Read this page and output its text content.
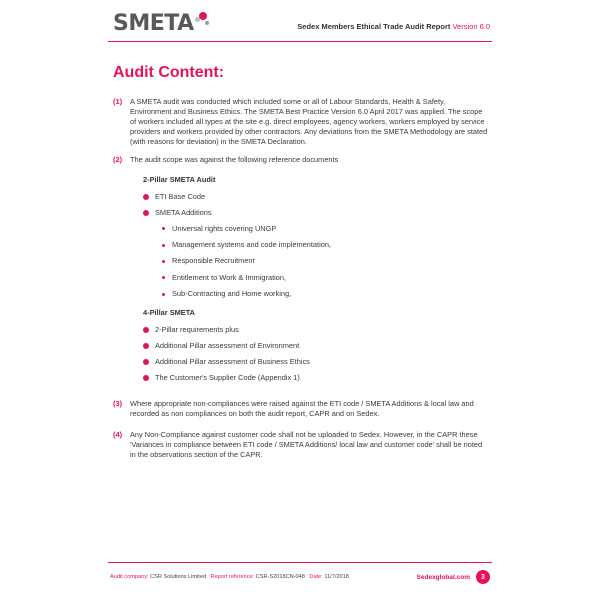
SMETA	Sedex Members Ethical Trade Audit Report Version 6.0
Audit Content:
(1)	A SMETA audit was conducted which included some or all of Labour Standards, Health & Safety, Environment and Business Ethics. The SMETA Best Practice Version 6.0 April 2017 was applied. The scope of workers included all types at the site e.g. direct employees, agency workers, workers employed by service providers and workers provided by other contractors. Any deviations from the SMETA Methodology are stated (with reasons for deviation) in the SMETA Declaration.

(2)	The audit scope was against the following reference documents

2-Pillar SMETA Audit
ETI Base Code
SMETA Additions
Universal rights covering UNGP
Management systems and code implementation,
Responsible Recruitment
Entitlement to Work & Immigration,
Sub-Contracting and Home working,
4-Pillar SMETA
2-Pillar requirements plus
Additional Pillar assessment of Environment
Additional Pillar assessment of Business Ethics
The Customer's Supplier Code (Appendix 1)
(3)	Where appropriate non-compliances were raised against the ETI code / SMETA Additions & local law and recorded as non compliances on both the audit report, CAPR and on Sedex.

(4)	Any Non-Compliance against customer code shall not be uploaded to Sedex. However, in the CAPR these 'Variances in compliance between ETI code / SMETA Additions/ local law and customer code' shall be noted in the observations section of the CAPR.

Audit company: CSR Solutions Limited Report reference: CSR-S2018CN-048 Date: 11/7/2018	Sedexglobal.com	3
